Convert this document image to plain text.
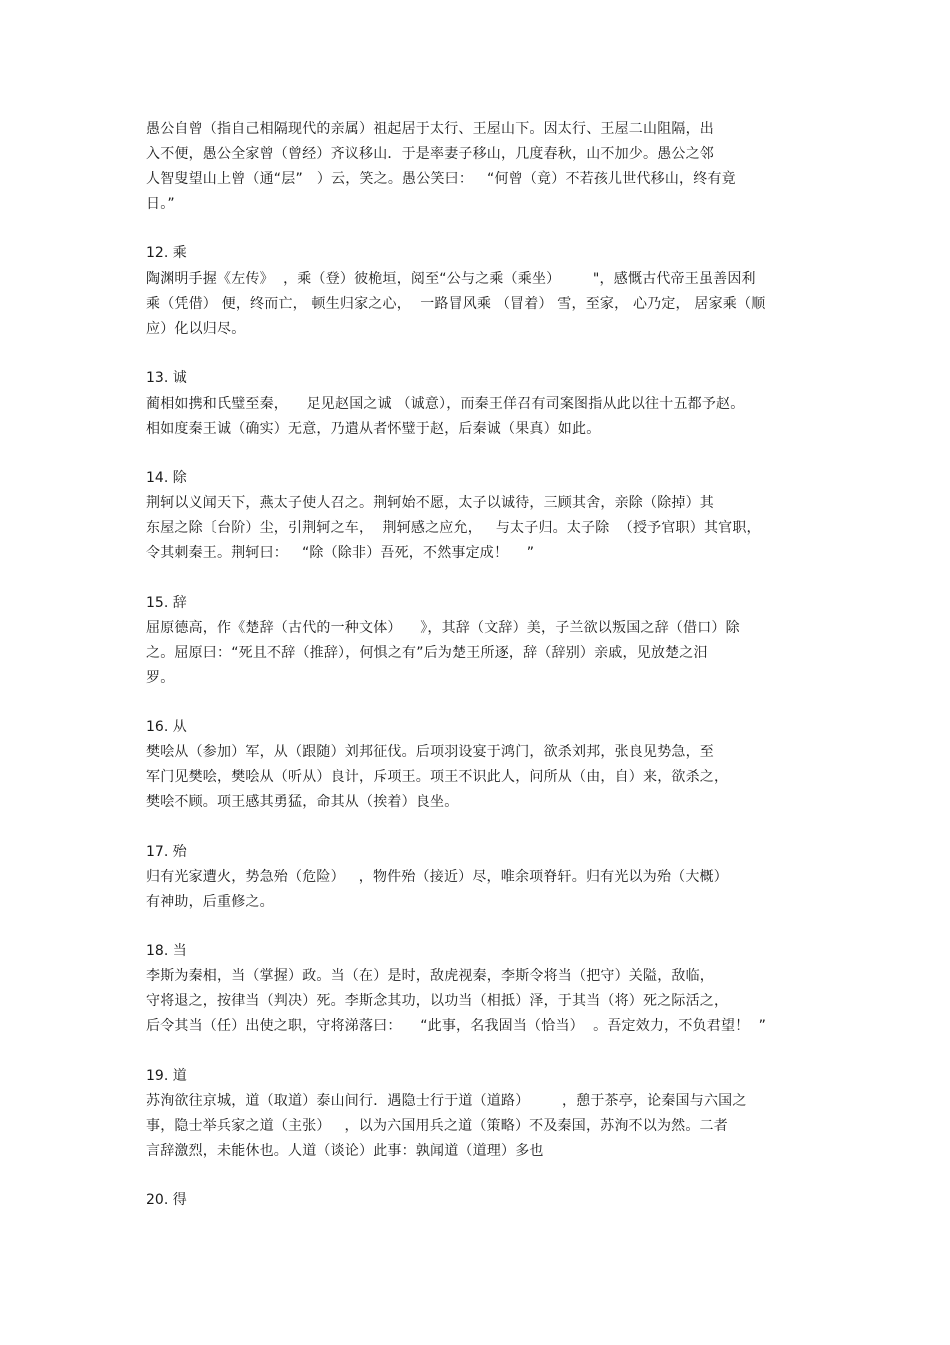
愚公自曾（指自己相隔现代的亲属）祖起居于太行、王屋山下。因太行、王屋二山阻隔，出
入不便，愚公全家曾（曾经）齐议移山．于是率妻子移山，几度春秋，山不加少。愚公之邻
人智叟望山上曾（通“层”   ）云，笑之。愚公笑曰：   “何曾（竟）不若孩儿世代移山，终有竟
日。”
12. 乘
陶渊明手握《左传》  ，乘（登）彼桅垣，阅至“公与之乘（乘坐）       "，感慨古代帝王虽善因利
乘（凭借） 便，终而亡， 顿生归家之心，  一路冒风乘 （冒着） 雪，至家， 心乃定， 居家乘（顺
应）化以归尽。
13. 诚
蔺相如携和氏璧至秦，    足见赵国之诚 （诚意），而秦王佯召有司案图指从此以往十五都予赵。
相如度秦王诚（确实）无意，乃遣从者怀璧于赵，后秦诚（果真）如此。
14. 除
荆轲以义闻天下，燕太子使人召之。荆轲始不愿，太子以诚待，三顾其舍，亲除（除掉）其
东屋之除〔台阶）尘，引荆轲之车，  荆轲感之应允，   与太子归。太子除  （授予官职）其官职，
令其刺秦王。荆轲曰：   “除（除非）吾死，不然事定成！    ”
15. 辞
屈原德高，作《楚辞（古代的一种文体）    》，其辞（文辞）美，子兰欲以叛国之辞（借口）除
之。屈原曰：“死且不辞（推辞），何惧之有”后为楚王所逐，辞（辞别）亲戚，见放楚之汨
罗。
16. 从
樊哙从（参加）军，从（跟随）刘邦征伐。后项羽设宴于鸿门，欲杀刘邦，张良见势急，至
军门见樊哙，樊哙从（听从）良计，斥项王。项王不识此人，问所从（由，自）来，欲杀之，
樊哙不顾。项王感其勇猛，命其从（挨着）良坐。
17. 殆
归有光家遭火，势急殆（危险）   ，物件殆（接近）尽，唯余项脊轩。归有光以为殆（大概）
有神助，后重修之。
18. 当
李斯为秦相，当（掌握）政。当（在）是时，敌虎视秦，李斯令将当（把守）关隘，敌临，
守将退之，按律当（判决）死。李斯念其功，以功当（相抵）泽，于其当（将）死之际活之，
后令其当（任）出使之职，守将涕落曰：    “此事，名我固当（恰当）  。吾定效力，不负君望！  ”
19. 道
苏洵欲往京城，道（取道）泰山间行．遇隐士行于道（道路）       ，憩于茶亭，论秦国与六国之
事，隐士举兵家之道（主张）   ，以为六国用兵之道（策略）不及秦国，苏洵不以为然。二者
言辞激烈，未能休也。人道（谈论）此事：孰闻道（道理）多也
20. 得
